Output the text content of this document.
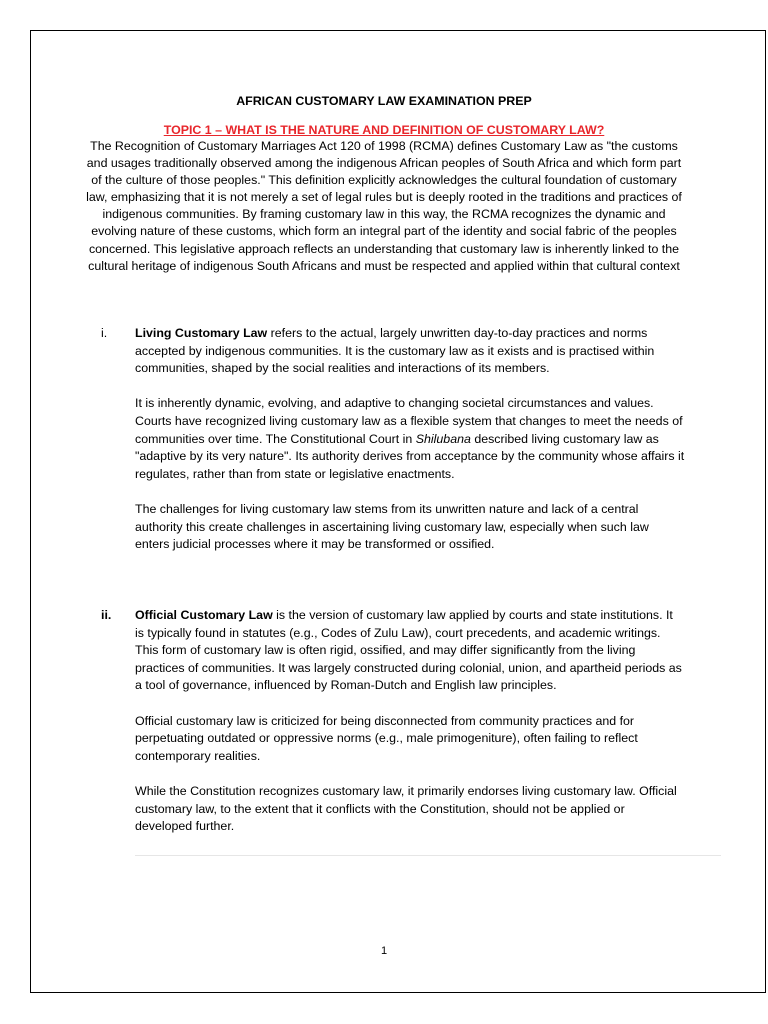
AFRICAN CUSTOMARY LAW EXAMINATION PREP
TOPIC 1 – WHAT IS THE NATURE AND DEFINITION OF CUSTOMARY LAW?

The Recognition of Customary Marriages Act 120 of 1998 (RCMA) defines Customary Law as "the customs and usages traditionally observed among the indigenous African peoples of South Africa and which form part of the culture of those peoples." This definition explicitly acknowledges the cultural foundation of customary law, emphasizing that it is not merely a set of legal rules but is deeply rooted in the traditions and practices of indigenous communities. By framing customary law in this way, the RCMA recognizes the dynamic and evolving nature of these customs, which form an integral part of the identity and social fabric of the peoples concerned. This legislative approach reflects an understanding that customary law is inherently linked to the cultural heritage of indigenous South Africans and must be respected and applied within that cultural context

i. Living Customary Law refers to the actual, largely unwritten day-to-day practices and norms accepted by indigenous communities. It is the customary law as it exists and is practised within communities, shaped by the social realities and interactions of its members.

It is inherently dynamic, evolving, and adaptive to changing societal circumstances and values. Courts have recognized living customary law as a flexible system that changes to meet the needs of communities over time. The Constitutional Court in Shilubana described living customary law as "adaptive by its very nature". Its authority derives from acceptance by the community whose affairs it regulates, rather than from state or legislative enactments.

The challenges for living customary law stems from its unwritten nature and lack of a central authority this create challenges in ascertaining living customary law, especially when such law enters judicial processes where it may be transformed or ossified.

ii. Official Customary Law is the version of customary law applied by courts and state institutions. It is typically found in statutes (e.g., Codes of Zulu Law), court precedents, and academic writings. This form of customary law is often rigid, ossified, and may differ significantly from the living practices of communities. It was largely constructed during colonial, union, and apartheid periods as a tool of governance, influenced by Roman-Dutch and English law principles.

Official customary law is criticized for being disconnected from community practices and for perpetuating outdated or oppressive norms (e.g., male primogeniture), often failing to reflect contemporary realities.

While the Constitution recognizes customary law, it primarily endorses living customary law. Official customary law, to the extent that it conflicts with the Constitution, should not be applied or developed further.

1
